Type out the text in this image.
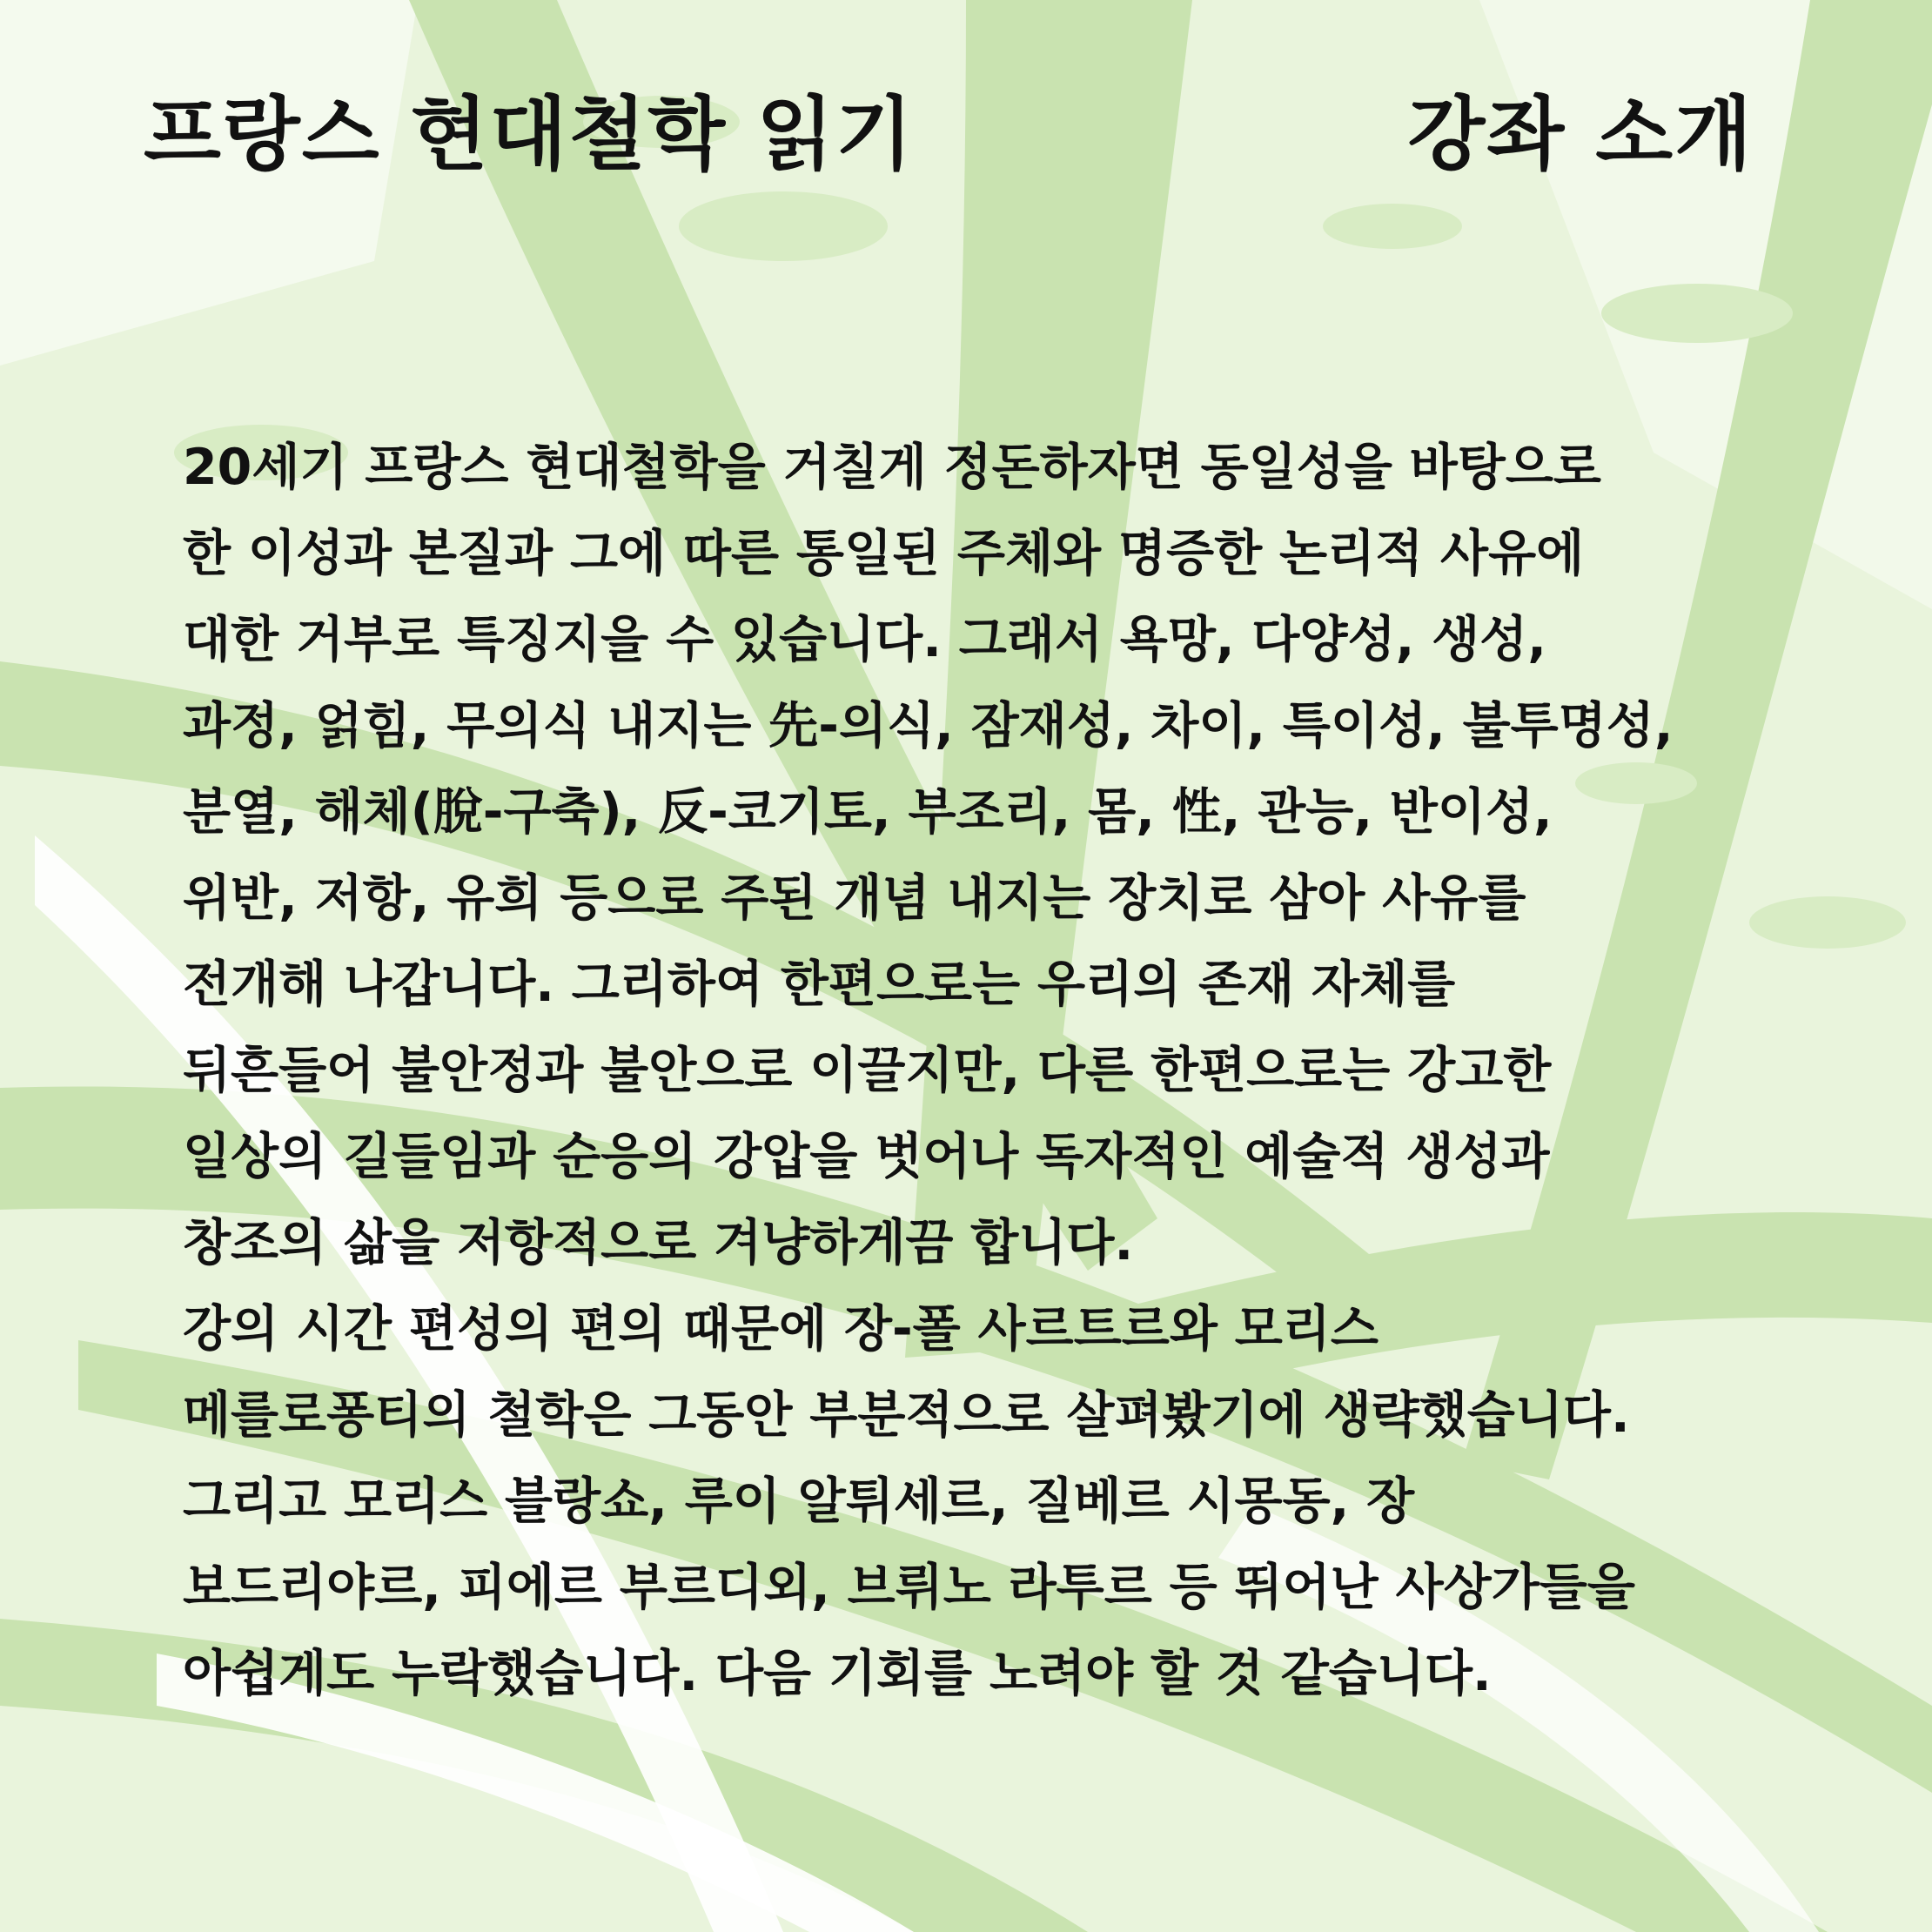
프랑스 현대철학 읽기	강좌 소개

20세기 프랑스 현대철학을 거칠게 정돈하자면 동일성을 바탕으로

한 이성과 본질과 그에 따른 통일된 주체와 명증한 논리적 사유에

대한 거부로 특징지을 수 있습니다. 그래서 욕망, 다양성, 생성,

과정, 얽힘, 무의식 내지는 先-의식, 잠재성, 차이, 특이성, 불투명성,

분열, 해체(脫-구축), 反-코기토, 부조리, 몸, 性, 관능, 반이성,

위반, 저항, 유희 등으로 주된 개념 내지는 장치로 삼아 사유를

전개해 나갑니다. 그리하여 한편으로는 우리의 존재 자체를

뒤흔들어 불안정과 불안으로 이끌지만, 다른 한편으로는 강고한

일상의 길들임과 순응의 강압을 벗어나 독자적인 예술적 생성과

창조의 삶을 저항적으로 겨냥하게끔 합니다.

강의 시간 편성의 편의 때문에 장-폴 사르트르와 모리스

메를로퐁티의 철학은 그동안 부분적으로 살펴봤기에 생략했습니다.

그리고 모리스 블랑쇼, 루이 알튀세르, 질베르 시몽동, 장

보드리야르, 피에르 부르디외, 브뤼노 라투르 등 뛰어난 사상가들을

아쉽게도 누락했습니다. 다음 기회를 노려야 할 것 같습니다.
